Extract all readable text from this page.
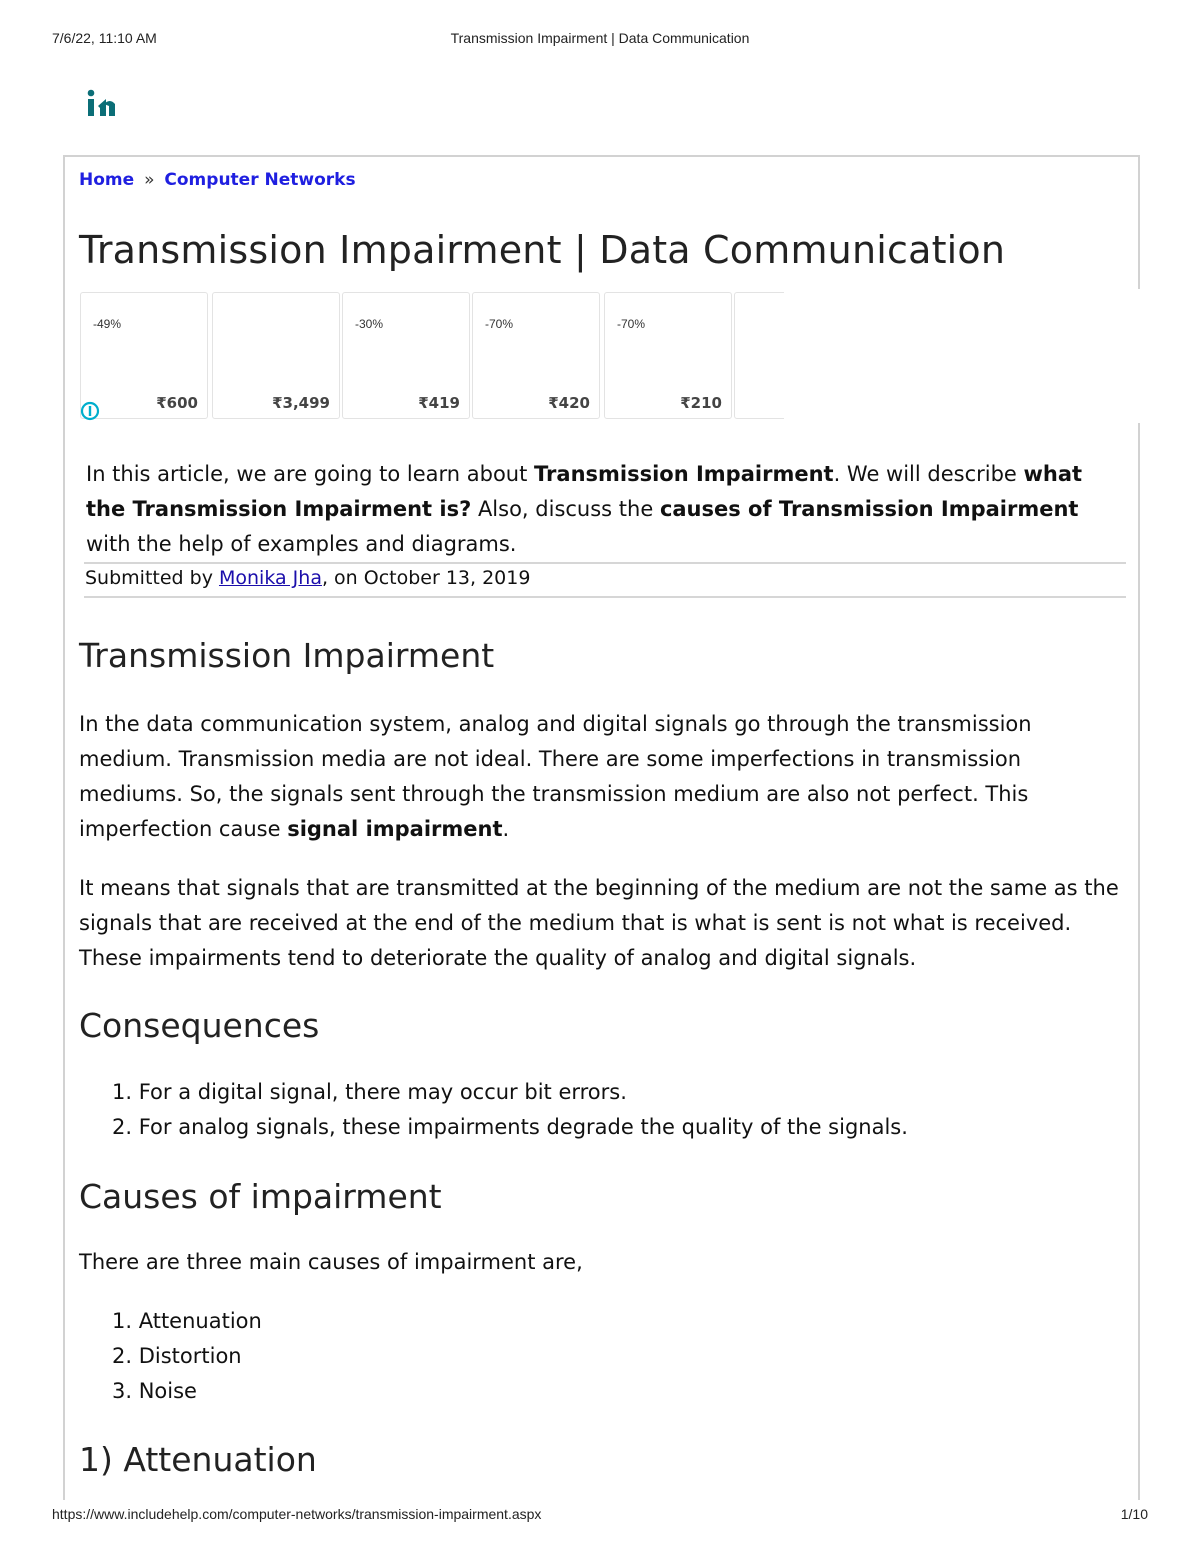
7/6/22, 11:10 AM	Transmission Impairment | Data Communication
Home » Computer Networks
Transmission Impairment | Data Communication
-49%
₹600	₹3,499
-30%
₹419
-70%
₹420
-70%
₹210

In this article, we are going to learn about Transmission Impairment. We will describe what the Transmission Impairment is? Also, discuss the causes of Transmission Impairment with the help of examples and diagrams.

Submitted by Monika Jha, on October 13, 2019
Transmission Impairment

In the data communication system, analog and digital signals go through the transmission medium. Transmission media are not ideal. There are some imperfections in transmission mediums. So, the signals sent through the transmission medium are also not perfect. This imperfection cause signal impairment.

It means that signals that are transmitted at the beginning of the medium are not the same as the signals that are received at the end of the medium that is what is sent is not what is received. These impairments tend to deteriorate the quality of analog and digital signals.

Consequences
1. For a digital signal, there may occur bit errors.
2. For analog signals, these impairments degrade the quality of the signals.
Causes of impairment

There are three main causes of impairment are,

1. Attenuation
2. Distortion
3. Noise
1) Attenuation
https://www.includehelp.com/computer-networks/transmission-impairment.aspx	1/10
